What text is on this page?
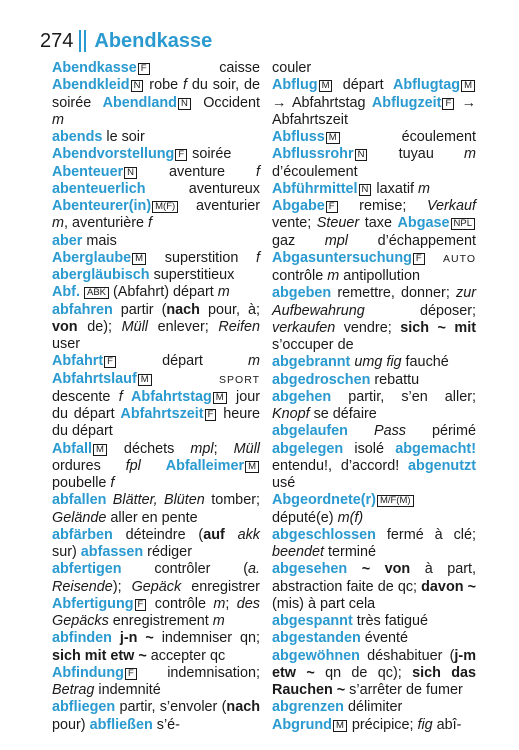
274 Abendkasse

Abendkasse F caisse Abendkleid N robe f du soir, de soirée Abendland N Occident m

abends le soir

Abendvorstellung F soirée

Abenteuer N aventure f abenteuerlich aventureux Abenteurer(in) M(F) aventurier m, aventurière f

aber mais

Aberglaube M superstition f abergläubisch superstitieux

Abf. ABK (Abfahrt) départ m

abfahren partir (nach pour, à; von de); Müll enlever; Reifen user

Abfahrt F départ m Abfahrtslauf M	SPORT descente f Abfahrtstag M jour du départ Abfahrtszeit F heure du départ

Abfall M déchets mpl; Müll ordures fpl Abfalleimer M poubelle f

abfallen Blätter, Blüten tomber; Gelände aller en pente

abfärben déteindre (auf akk sur) abfassen rédiger

abfertigen contrôler (a. Reisende); Gepäck enregistrer Abfertigung F contrôle m; des Gepäcks enregistrement m

abfinden j-n ~ indemniser qn; sich mit etw ~ accepter qc

Abfindung F indemnisation; Betrag indemnité

abfliegen partir, s’envoler (nach pour) abfließen s’é-

couler

Abflug M départ Abflugtag M → Abfahrtstag Abflugzeit F → Abfahrtszeit

Abfluss M écoulement Abflussrohr N tuyau m d’écoulement

Abführmittel N laxatif m

Abgabe F remise; Verkauf vente; Steuer taxe Abgase NPL gaz mpl d’échappement Abgasuntersuchung F AUTO contrôle m antipollution

abgeben remettre, donner; zur Aufbewahrung déposer; verkaufen vendre; sich ~ mit s’occuper de

abgebrannt umg fig fauché

abgedroschen rebattu

abgehen partir, s’en aller; Knopf se défaire

abgelaufen Pass périmé abgelegen isolé abgemacht! entendu!, d’accord! abgenutzt usé

Abgeordnete(r) M/F(M) député(e) m(f)

abgeschlossen fermé à clé; beendet terminé

abgesehen ~ von à part, abstraction faite de qc; davon ~ (mis) à part cela

abgespannt très fatigué

abgestanden éventé

abgewöhnen déshabituer (j-m etw ~ qn de qc); sich das Rauchen ~ s’arrêter de fumer

abgrenzen délimiter

Abgrund M précipice; fig abî-
